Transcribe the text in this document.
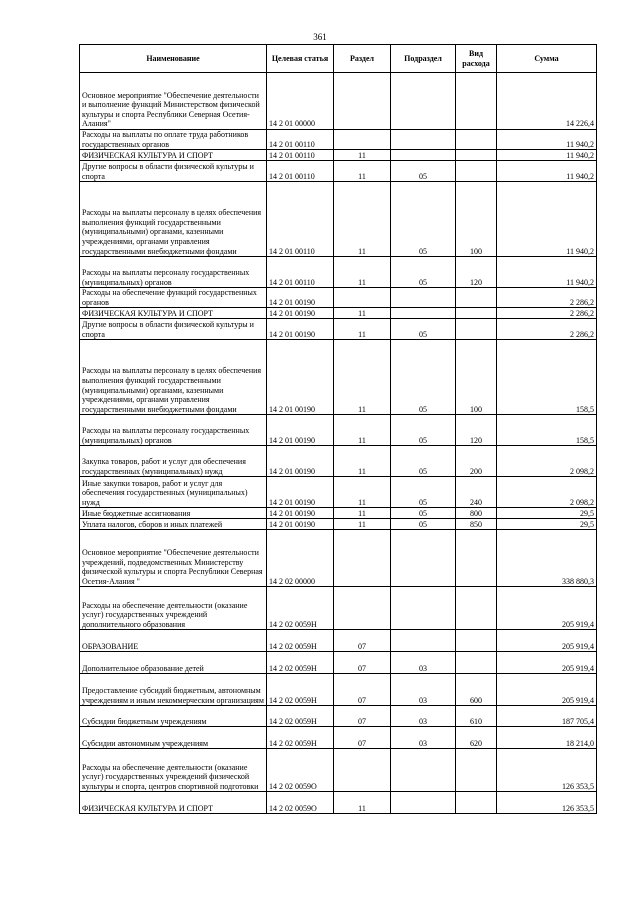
361
Наименование	Целевая статья	Раздел	Подраздел	Вид расхода	Сумма
Основное мероприятие "Обеспечение деятельности и выполнение функций Министерством физической культуры и спорта Республики Северная Осетия-Алания"	14 2 01 00000				14 226,4
Расходы на выплаты по оплате труда работников государственных органов	14 2 01 00110				11 940,2
ФИЗИЧЕСКАЯ КУЛЬТУРА И СПОРТ	14 2 01 00110	11			11 940,2
Другие вопросы в области физической культуры и спорта	14 2 01 00110	11	05		11 940,2
Расходы на выплаты персоналу в целях обеспечения выполнения функций государственными (муниципальными) органами, казенными учреждениями, органами управления государственными внебюджетными фондами	14 2 01 00110	11	05	100	11 940,2
Расходы на выплаты персоналу государственных (муниципальных) органов	14 2 01 00110	11	05	120	11 940,2
Расходы на обеспечение функций государственных органов	14 2 01 00190				2 286,2
ФИЗИЧЕСКАЯ КУЛЬТУРА И СПОРТ	14 2 01 00190	11			2 286,2
Другие вопросы в области физической культуры и спорта	14 2 01 00190	11	05		2 286,2
Расходы на выплаты персоналу в целях обеспечения выполнения функций государственными (муниципальными) органами, казенными учреждениями, органами управления государственными внебюджетными фондами	14 2 01 00190	11	05	100	158,5
Расходы на выплаты персоналу государственных (муниципальных) органов	14 2 01 00190	11	05	120	158,5
Закупка товаров, работ и услуг для обеспечения государственных (муниципальных) нужд	14 2 01 00190	11	05	200	2 098,2
Иные закупки товаров, работ и услуг для обеспечения государственных (муниципальных) нужд	14 2 01 00190	11	05	240	2 098,2
Иные бюджетные ассигнования	14 2 01 00190	11	05	800	29,5
Уплата налогов, сборов и иных платежей	14 2 01 00190	11	05	850	29,5
Основное мероприятие "Обеспечение деятельности учреждений, подведомственных Министерству физической культуры и спорта Республики Северная Осетия-Алания "	14 2 02 00000				338 880,3
Расходы на обеспечение деятельности (оказание услуг) государственных учреждений дополнительного образования	14 2 02 0059Н				205 919,4
ОБРАЗОВАНИЕ	14 2 02 0059Н	07			205 919,4
Дополнительное образование детей	14 2 02 0059Н	07	03		205 919,4
Предоставление субсидий бюджетным, автономным учреждениям и иным некоммерческим организациям	14 2 02 0059Н	07	03	600	205 919,4
Субсидии бюджетным учреждениям	14 2 02 0059Н	07	03	610	187 705,4
Субсидии автономным учреждениям	14 2 02 0059Н	07	03	620	18 214,0
Расходы на обеспечение деятельности (оказание услуг) государственных учреждений физической культуры и спорта, центров спортивной подготовки	14 2 02 0059О				126 353,5
ФИЗИЧЕСКАЯ КУЛЬТУРА И СПОРТ	14 2 02 0059О	11			126 353,5
